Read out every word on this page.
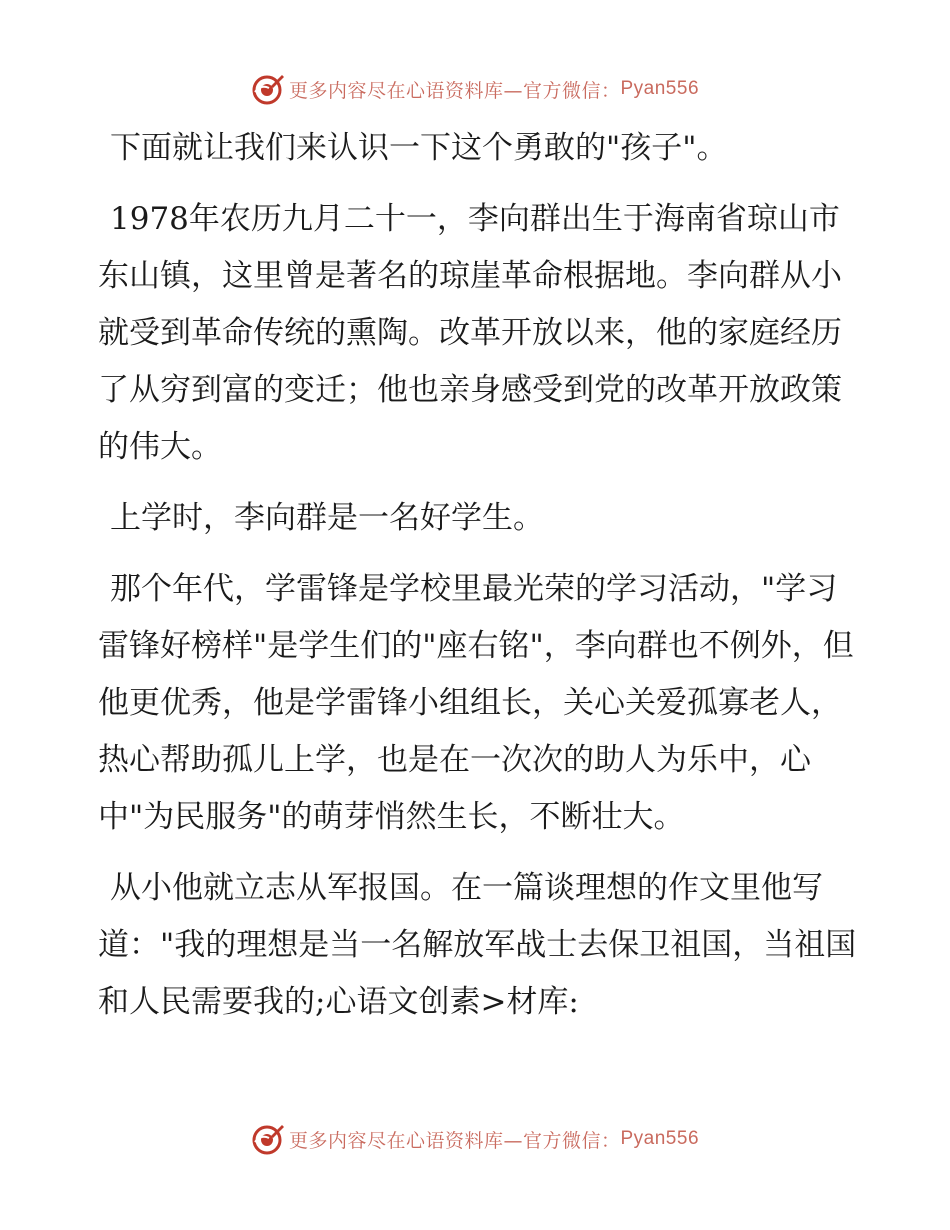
更多内容尽在心语资料库—官方微信： Pyan556

下面就让我们来认识一下这个勇敢的"孩子"。

1978年农历九月二十一，李向群出生于海南省琼山市东山镇，这里曾是著名的琼崖革命根据地。李向群从小就受到革命传统的熏陶。改革开放以来，他的家庭经历了从穷到富的变迁；他也亲身感受到党的改革开放政策的伟大。

上学时，李向群是一名好学生。

那个年代，学雷锋是学校里最光荣的学习活动，"学习雷锋好榜样"是学生们的"座右铭"，李向群也不例外，但他更优秀，他是学雷锋小组组长，关心关爱孤寡老人，热心帮助孤儿上学，也是在一次次的助人为乐中，心中"为民服务"的萌芽悄然生长，不断壮大。

从小他就立志从军报国。在一篇谈理想的作文里他写道："我的理想是当一名解放军战士去保卫祖国，当祖国和人民需要我的;心语文创素>材库:

更多内容尽在心语资料库—官方微信： Pyan556
